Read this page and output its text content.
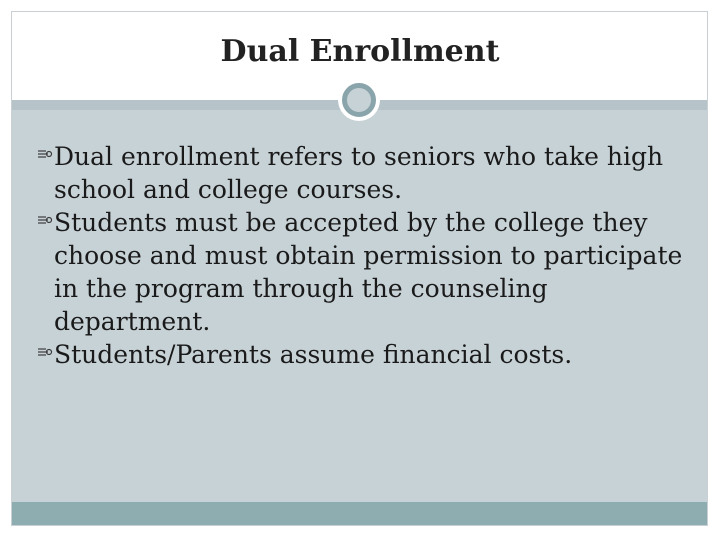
Dual Enrollment
Dual enrollment refers to seniors who take high school and college courses.
Students must be accepted by the college they choose and must obtain permission to participate in the program through the counseling department.
Students/Parents assume financial costs.
